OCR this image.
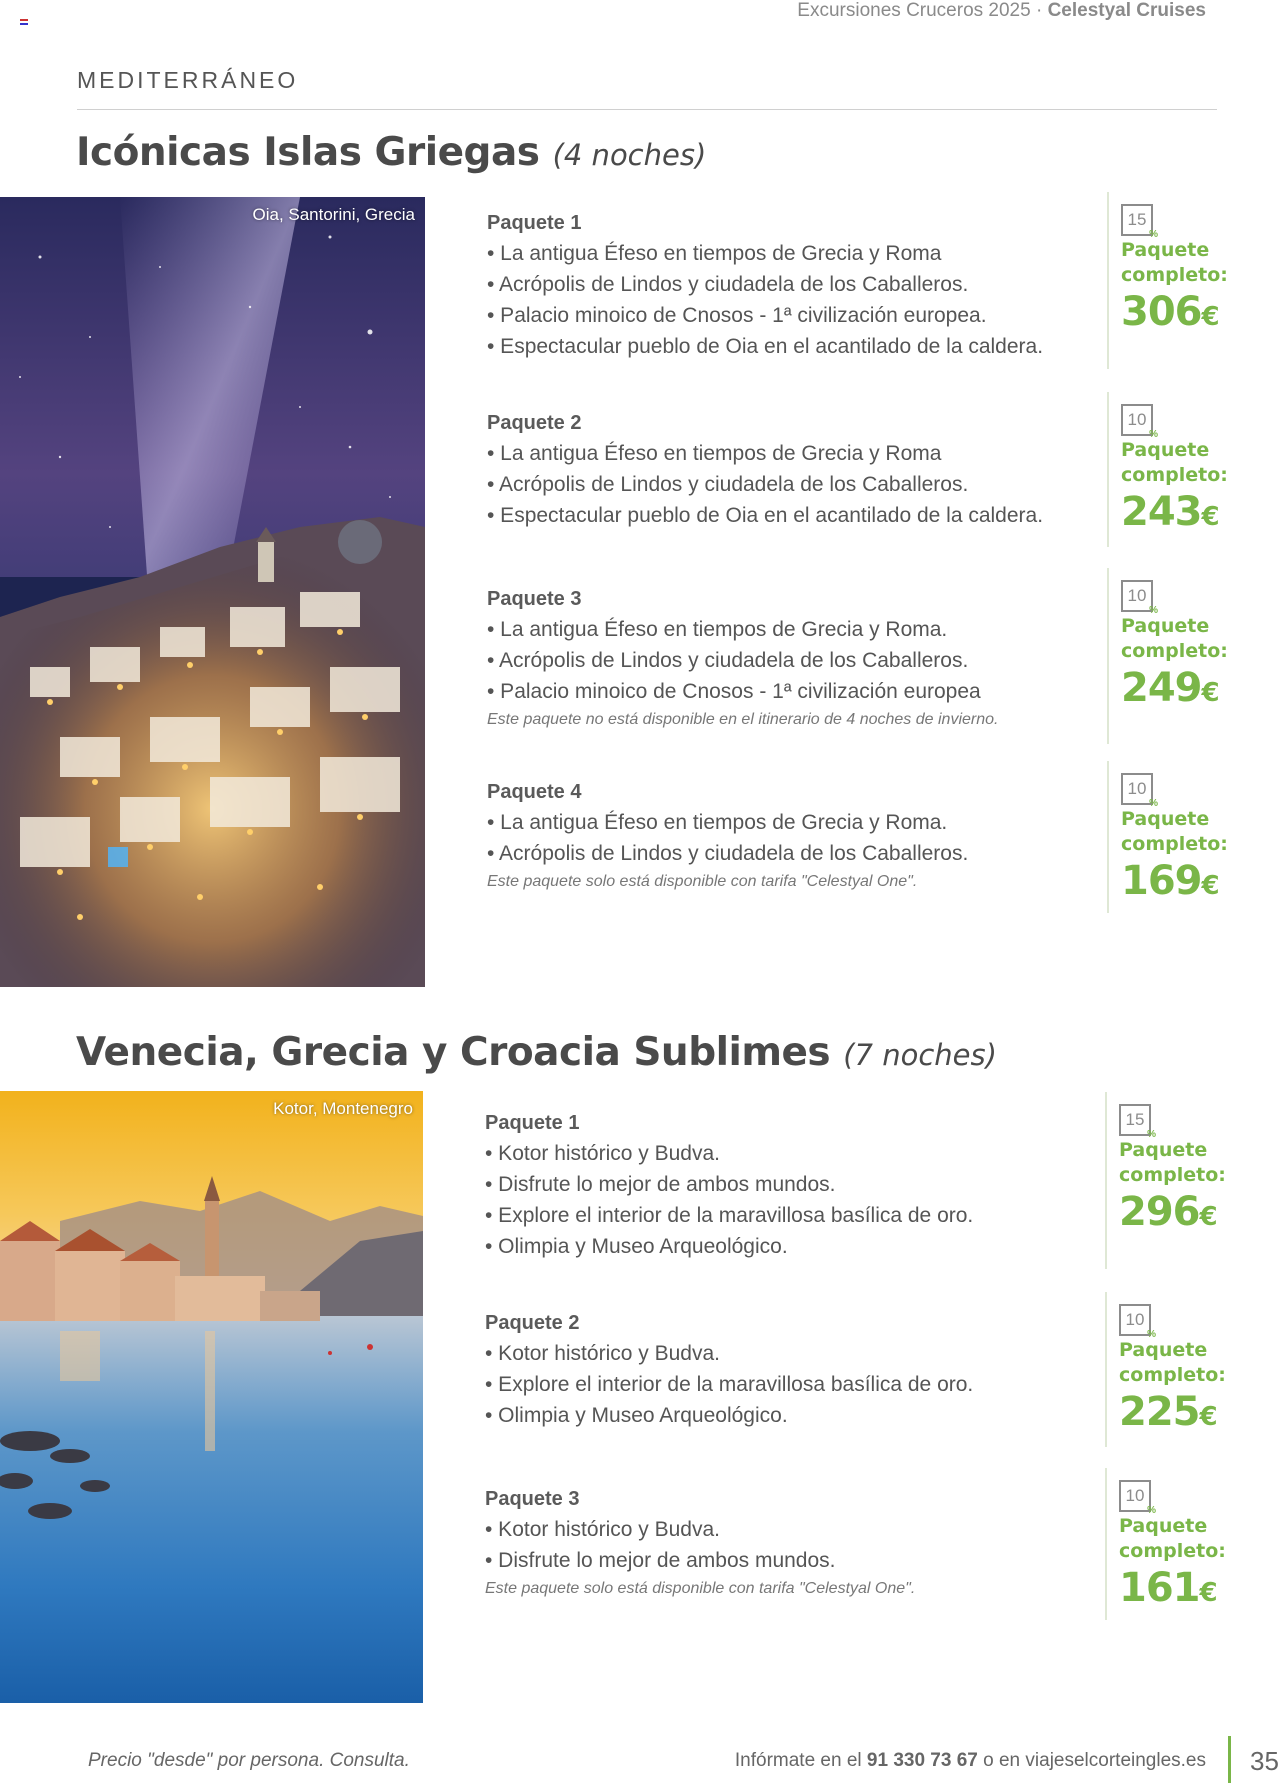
Excursiones Cruceros 2025 · Celestyal Cruises
MEDITERRÁNEO
Icónicas Islas Griegas (4 noches)
Oia, Santorini, Grecia	Paquete 1
• La antigua Éfeso en tiempos de Grecia y Roma
• Acrópolis de Lindos y ciudadela de los Caballeros.
• Palacio minoico de Cnosos - 1ª civilización europea.
• Espectacular pueblo de Oia en el acantilado de la caldera.
15
%
Paquete completo:
306€
Paquete 2
• La antigua Éfeso en tiempos de Grecia y Roma
• Acrópolis de Lindos y ciudadela de los Caballeros.
• Espectacular pueblo de Oia en el acantilado de la caldera.
10
%
Paquete completo:
243€
Paquete 3
• La antigua Éfeso en tiempos de Grecia y Roma.
• Acrópolis de Lindos y ciudadela de los Caballeros.
• Palacio minoico de Cnosos - 1ª civilización europea
Este paquete no está disponible en el itinerario de 4 noches de invierno.
10
%
Paquete completo:
249€
Paquete 4
• La antigua Éfeso en tiempos de Grecia y Roma.
• Acrópolis de Lindos y ciudadela de los Caballeros.
Este paquete solo está disponible con tarifa "Celestyal One".
10
%
Paquete completo:
169€
Venecia, Grecia y Croacia Sublimes (7 noches)
Kotor, Montenegro
Paquete 1
• Kotor histórico y Budva.
• Disfrute lo mejor de ambos mundos.
• Explore el interior de la maravillosa basílica de oro.
• Olimpia y Museo Arqueológico.
15
%
Paquete completo:
296€
Paquete 2
• Kotor histórico y Budva.
• Explore el interior de la maravillosa basílica de oro.
• Olimpia y Museo Arqueológico.
10
%
Paquete completo:
225€
Paquete 3
• Kotor histórico y Budva.
• Disfrute lo mejor de ambos mundos.
Este paquete solo está disponible con tarifa "Celestyal One".
10
%
Paquete completo:
161€
Precio "desde" por persona. Consulta.	Infórmate en el 91 330 73 67 o en viajeselcorteingles.es 35
